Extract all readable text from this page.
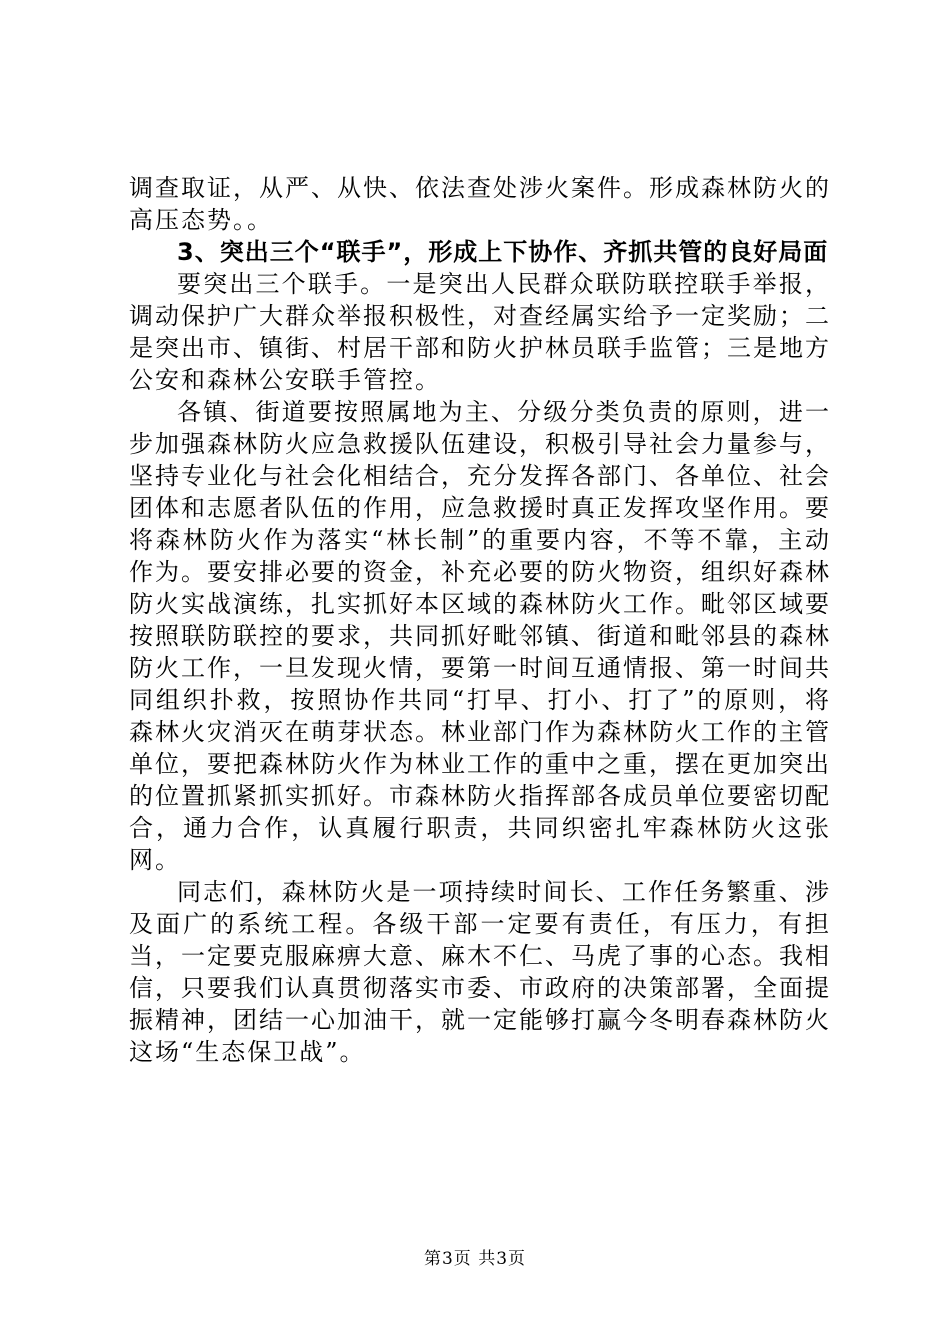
调查取证，从严、从快、依法查处涉火案件。形成森林防火的高压态势。。

3、突出三个“联手”，形成上下协作、齐抓共管的良好局面

要突出三个联手。一是突出人民群众联防联控联手举报，调动保护广大群众举报积极性，对查经属实给予一定奖励；二是突出市、镇街、村居干部和防火护林员联手监管；三是地方公安和森林公安联手管控。

各镇、街道要按照属地为主、分级分类负责的原则，进一步加强森林防火应急救援队伍建设，积极引导社会力量参与，坚持专业化与社会化相结合，充分发挥各部门、各单位、社会团体和志愿者队伍的作用，应急救援时真正发挥攻坚作用。要将森林防火作为落实“林长制”的重要内容，不等不靠，主动作为。要安排必要的资金，补充必要的防火物资，组织好森林防火实战演练，扎实抓好本区域的森林防火工作。毗邻区域要按照联防联控的要求，共同抓好毗邻镇、街道和毗邻县的森林防火工作，一旦发现火情，要第一时间互通情报、第一时间共同组织扑救，按照协作共同“打早、打小、打了”的原则，将森林火灾消灭在萌芽状态。林业部门作为森林防火工作的主管单位，要把森林防火作为林业工作的重中之重，摆在更加突出的位置抓紧抓实抓好。市森林防火指挥部各成员单位要密切配合，通力合作，认真履行职责，共同织密扎牢森林防火这张网。

同志们，森林防火是一项持续时间长、工作任务繁重、涉及面广的系统工程。各级干部一定要有责任，有压力，有担当，一定要克服麻痹大意、麻木不仁、马虎了事的心态。我相信，只要我们认真贯彻落实市委、市政府的决策部署，全面提振精神，团结一心加油干，就一定能够打赢今冬明春森林防火这场“生态保卫战”。

第3页 共3页
